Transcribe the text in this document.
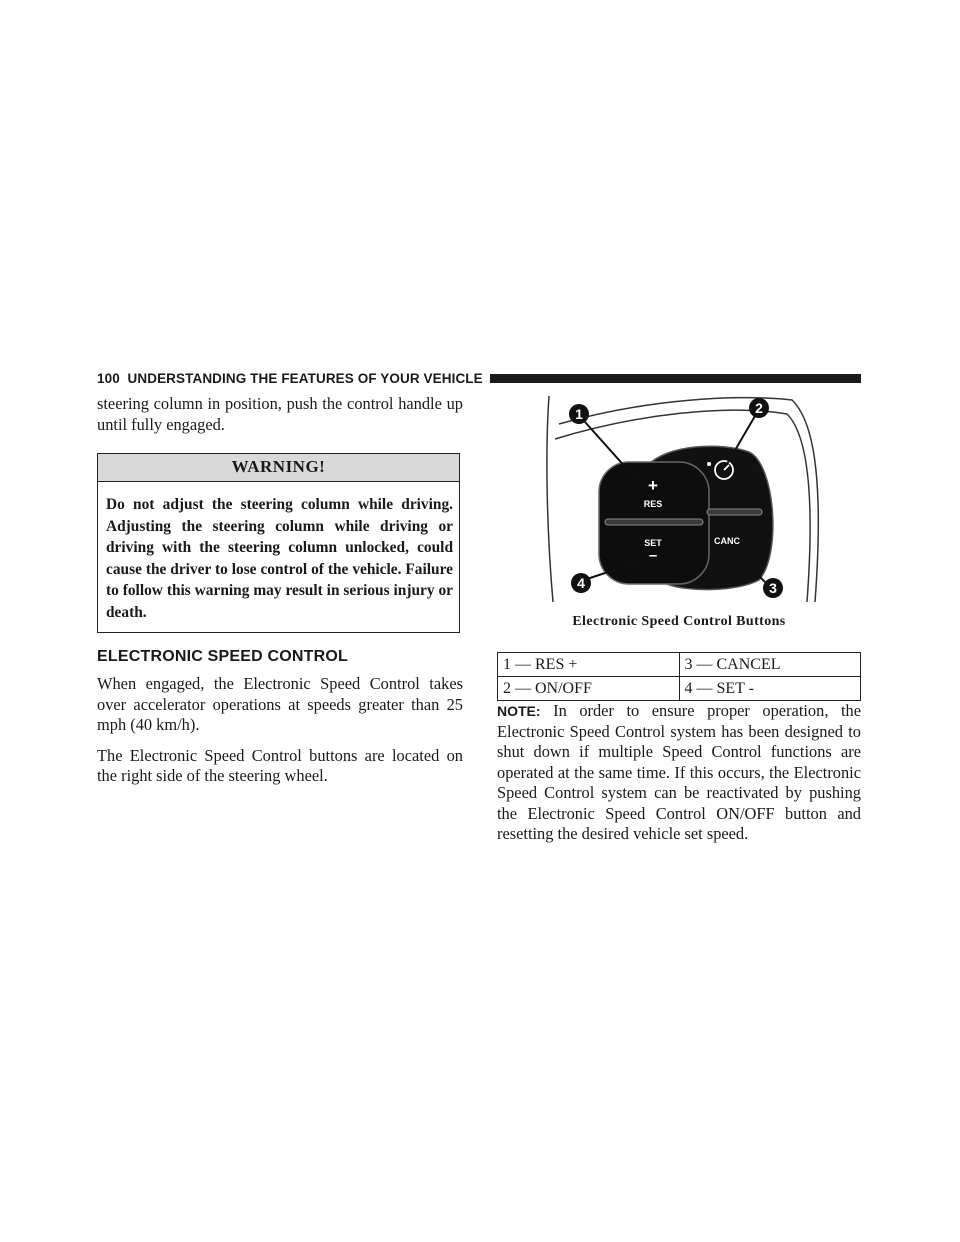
100 UNDERSTANDING THE FEATURES OF YOUR VEHICLE

steering column in position, push the control handle up until fully engaged.

WARNING!
Do not adjust the steering column while driving. Adjusting the steering column while driving or driving with the steering column unlocked, could cause the driver to lose control of the vehicle. Failure to follow this warning may result in serious injury or death.
ELECTRONIC SPEED CONTROL

When engaged, the Electronic Speed Control takes over accelerator operations at speeds greater than 25 mph (40 km/h).

The Electronic Speed Control buttons are located on the right side of the steering wheel.

+
RES
SET
–
CANC
1	2
3
4
Electronic Speed Control Buttons
1 — RES +	3 — CANCEL
2 — ON/OFF	4 — SET -

NOTE: In order to ensure proper operation, the Electronic Speed Control system has been designed to shut down if multiple Speed Control functions are operated at the same time. If this occurs, the Electronic Speed Control system can be reactivated by pushing the Electronic Speed Control ON/OFF button and resetting the desired vehicle set speed.
